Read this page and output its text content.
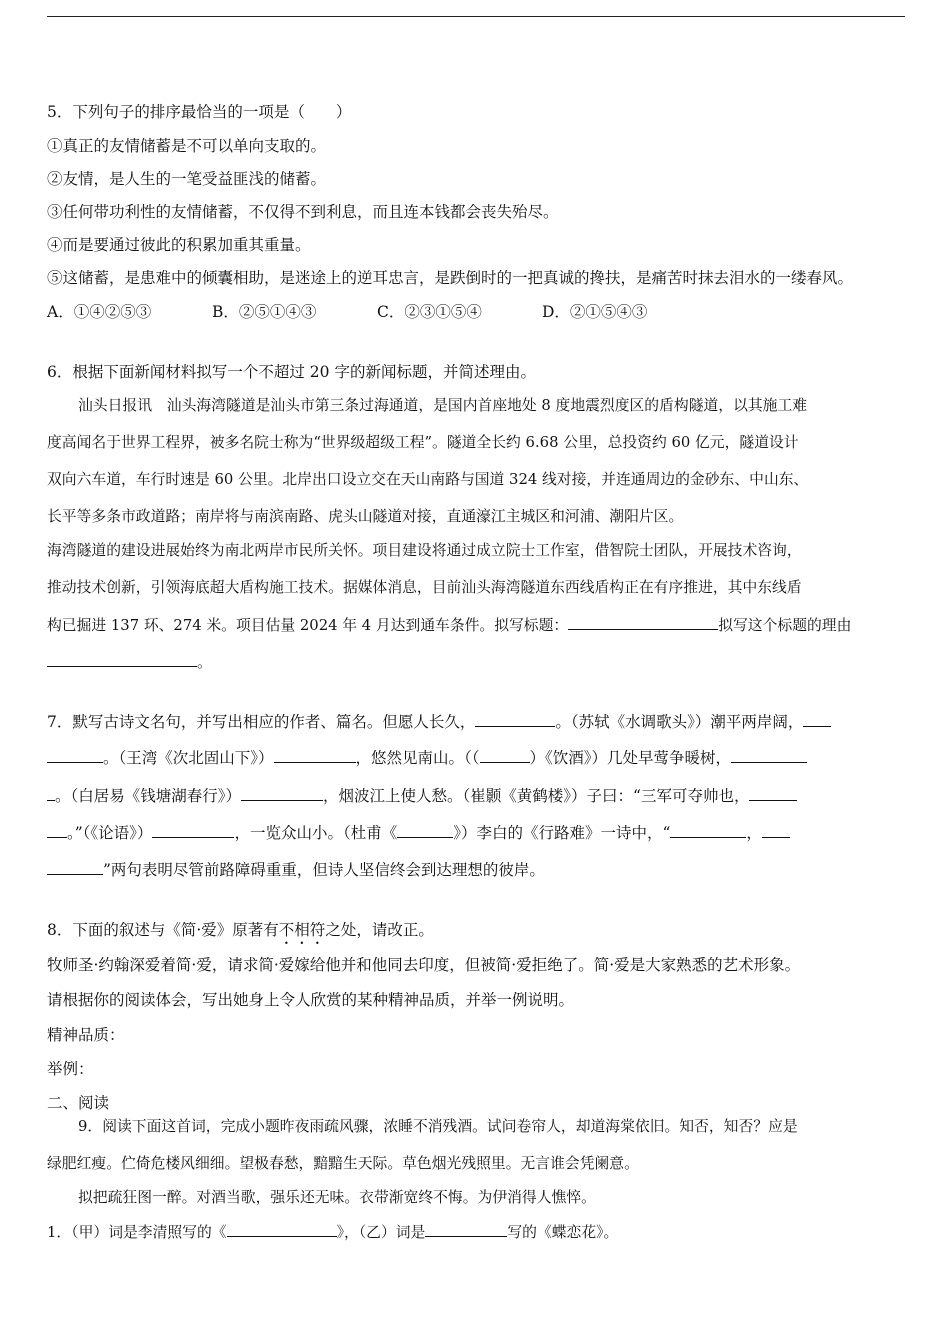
5．下列句子的排序最恰当的一项是（　　）
①真正的友情储蓄是不可以单向支取的。
②友情，是人生的一笔受益匪浅的储蓄。
③任何带功利性的友情储蓄，不仅得不到利息，而且连本钱都会丧失殆尽。
④而是要通过彼此的积累加重其重量。
⑤这储蓄，是患难中的倾囊相助，是迷途上的逆耳忠言，是跌倒时的一把真诚的搀扶，是痛苦时抹去泪水的一缕春风。
A．①④②⑤③	B．②⑤①④③	C．②③①⑤④	D．②①⑤④③
6．根据下面新闻材料拟写一个不超过 20 字的新闻标题，并简述理由。
汕头日报讯　汕头海湾隧道是汕头市第三条过海通道，是国内首座地处 8 度地震烈度区的盾构隧道，以其施工难
度高闻名于世界工程界，被多名院士称为“世界级超级工程”。隧道全长约 6.68 公里，总投资约 60 亿元，隧道设计
双向六车道，车行时速是 60 公里。北岸出口设立交在天山南路与国道 324 线对接，并连通周边的金砂东、中山东、
长平等多条市政道路；南岸将与南滨南路、虎头山隧道对接，直通濠江主城区和河浦、潮阳片区。
海湾隧道的建设进展始终为南北两岸市民所关怀。项目建设将通过成立院士工作室，借智院士团队，开展技术咨询，
推动技术创新，引领海底超大盾构施工技术。据媒体消息，目前汕头海湾隧道东西线盾构正在有序推进，其中东线盾
构已掘进 137 环、274 米。项目估量 2024 年 4 月达到通车条件。拟写标题：	拟写这个标题的理由
。
7．默写古诗文名句，并写出相应的作者、篇名。但愿人长久，	。（苏轼《水调歌头》）潮平两岸阔，
。（王湾《次北固山下》）	，悠然见南山。（（	）《饮酒》）几处早莺争暖树，
。（白居易《钱塘湖春行》）	，烟波江上使人愁。（崔颢《黄鹤楼》）子曰：“三军可夺帅也，
。”（《论语》）	，一览众山小。（杜甫《	》）李白的《行路难》一诗中，“	，
”两句表明尽管前路障碍重重，但诗人坚信终会到达理想的彼岸。
8．下面的叙述与《简·爱》原著有不相符之处，请改正。
牧师圣·约翰深爱着简·爱，请求简·爱嫁给他并和他同去印度，但被简·爱拒绝了。简·爱是大家熟悉的艺术形象。
请根据你的阅读体会，写出她身上令人欣赏的某种精神品质，并举一例说明。
精神品质：
举例：
二、阅读
9．阅读下面这首词，完成小题昨夜雨疏风骤，浓睡不消残酒。试问卷帘人，却道海棠依旧。知否，知否？应是
绿肥红瘦。伫倚危楼风细细。望极春愁，黯黯生天际。草色烟光残照里。无言谁会凭阑意。
拟把疏狂图一醉。对酒当歌，强乐还无味。衣带渐宽终不悔。为伊消得人憔悴。
1．（甲）词是李清照写的《	》，（乙）词是	写的《蝶恋花》。
